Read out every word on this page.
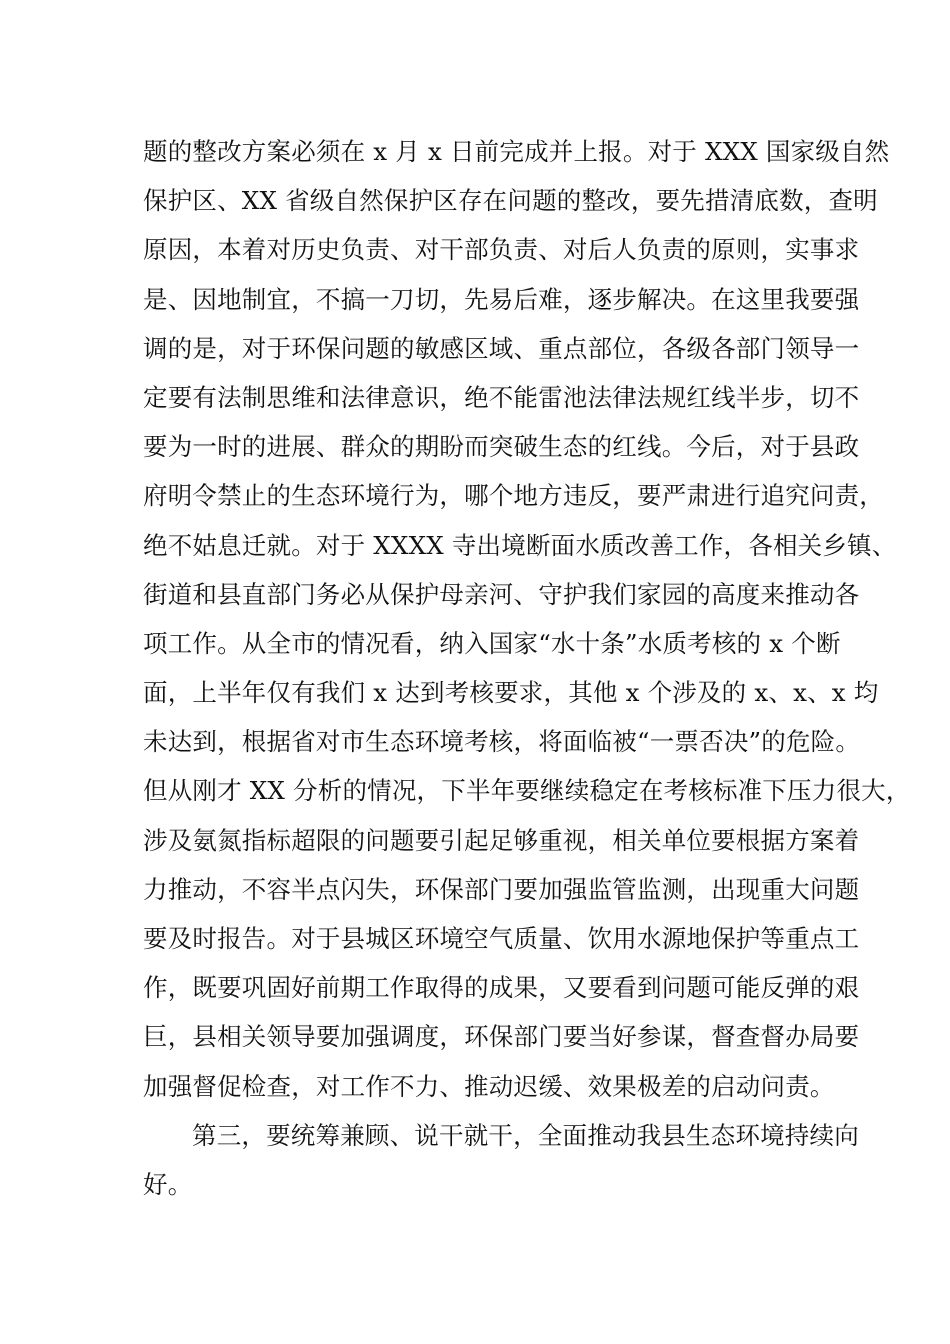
题的整改方案必须在 x 月 x 日前完成并上报。对于 XXX 国家级自然
保护区、XX 省级自然保护区存在问题的整改，要先措清底数，查明
原因，本着对历史负责、对干部负责、对后人负责的原则，实事求
是、因地制宜，不搞一刀切，先易后难，逐步解决。在这里我要强
调的是，对于环保问题的敏感区域、重点部位，各级各部门领导一
定要有法制思维和法律意识，绝不能雷池法律法规红线半步，切不
要为一时的进展、群众的期盼而突破生态的红线。今后，对于县政
府明令禁止的生态环境行为，哪个地方违反，要严肃进行追究问责，
绝不姑息迁就。对于 XXXX 寺出境断面水质改善工作，各相关乡镇、
街道和县直部门务必从保护母亲河、守护我们家园的高度来推动各
项工作。从全市的情况看，纳入国家“水十条”水质考核的 x 个断
面，上半年仅有我们 x 达到考核要求，其他 x 个涉及的 x、x、x 均
未达到，根据省对市生态环境考核，将面临被“一票否决”的危险。
但从刚才 XX 分析的情况，下半年要继续稳定在考核标准下压力很大，
涉及氨氮指标超限的问题要引起足够重视，相关单位要根据方案着
力推动，不容半点闪失，环保部门要加强监管监测，出现重大问题
要及时报告。对于县城区环境空气质量、饮用水源地保护等重点工
作，既要巩固好前期工作取得的成果，又要看到问题可能反弹的艰
巨，县相关领导要加强调度，环保部门要当好参谋，督查督办局要
加强督促检查，对工作不力、推动迟缓、效果极差的启动问责。
第三，要统筹兼顾、说干就干，全面推动我县生态环境持续向
好。
